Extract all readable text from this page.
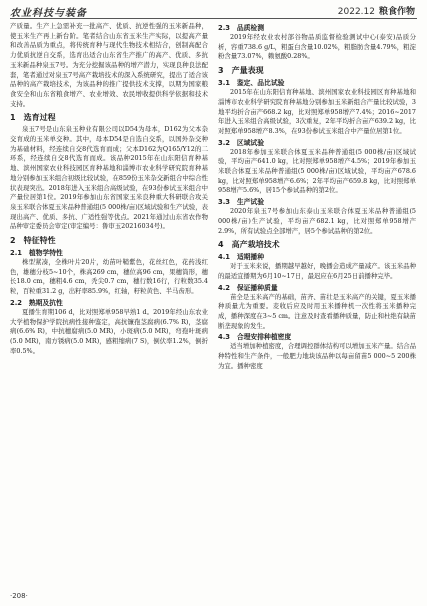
农业科技与装备	2022.12 粮食作物

产质量。生产上急需补充一批高产、优质、抗逆性强的玉米新品种，使玉米生产再上新台阶。笔者结合山东省玉米生产实际，以提高产量和改善品质为重点，将传统育种与现代生物技术相结合，创制高配合力优质抗逆自交系，选育出适合山东省生产推广的高产、优质、多抗玉米新品种泉玉7号。为充分挖掘该品种的增产潜力，实现良种良法配套，笔者通过对泉玉7号高产栽培技术的深入系统研究，提出了适合该品种的高产栽培技术，为该品种的推广提供技术支撑，以期为国家粮食安全和山东省粮食增产、农业增效、农民增收提供科学依据和技术支持。

1　选育过程

泉玉7号是山东泉玉种业有限公司以D54为母本，D162为父本杂交育成的玉米单交种。其中，母本D54是自选自交系，以国外杂交种为基础材料，经连续自交8代选育而成；父本D162为Q165/Y12的二环系，经连续自交8代选育而成。该品种2015年在山东阳信育种基地、滨州国家农业科技园区育种基地和淄博市农业科学研究院育种基地分别参加玉米组合初级比较试验，在859份玉米杂交新组合中综合性状表现突出。2018年进入玉米组合高级试验，在93份参试玉米组合中产量位居第1位。2019年参加山东省国家玉米良种重大科研联合攻关泉玉米联合体夏玉米品种普通组(5 000株/亩)区域试验和生产试验，表现出高产、优质、多抗、广适性强等优点。2021年通过山东省农作物品种审定委员会审定(审定编号：鲁审玉20216034号)。

2　特征特性
2.1　植物学特性

株型紧凑，全株叶片20片，幼苗叶鞘紫色，花丝红色，花药浅红色，雄穗分枝5~10个，株高269 cm，穗位高96 cm，果穗筒形，穗长18.0 cm，穗粗4.6 cm，秃尖0.7 cm，穗行数16行，行粒数35.4粒，百粒重31.2 g，出籽率85.9%，红轴，籽粒黄色、半马齿形。

2.2　熟期及抗性

夏播生育期106 d，比对照郑单958早熟1 d。2019年经山东农业大学植物保护学院抗病性接种鉴定，高抗镰孢茎腐病(6.7% R)，茎腐病(6.6% R)，中抗穗腐病(5.0 MR)，小斑病(5.0 MR)，弯孢叶斑病(5.0 MR)，南方锈病(5.0 MR)，感粗缩病(7 S)，倒伏率1.2%，倒折率0.5%。

2.3　品质检测

2019年经农业农村部谷物品质监督检验测试中心(泰安)品质分析，容重738.6 g/L，粗蛋白含量10.02%，粗脂肪含量4.79%，粗淀粉含量73.07%，赖氨酸0.28%。

3　产量表现
3.1　鉴定、品比试验

2015年在山东阳信育种基地、滨州国家农业科技园区育种基地和淄博市农业科学研究院育种基地分别参加玉米新组合产量比较试验，3地平均折合亩产668.2 kg，比对照郑单958增产7.4%；2016~2017年进入玉米组合高级试验，3次重复，2年平均折合亩产639.2 kg，比对照郑单958增产8.3%，在93份参试玉米组合中产量位居第1位。

3.2　区域试验

2018年参加玉米联合体夏玉米品种普通组(5 000株/亩)区域试验，平均亩产641.0 kg，比对照郑单958增产4.5%；2019年参加玉米联合体夏玉米品种普通组(5 000株/亩)区域试验，平均亩产678.6 kg，比对照郑单958增产6.6%；2年平均亩产659.8 kg，比对照郑单958增产5.6%，居15个参试品种的第2位。

3.3　生产试验

2020年泉玉7号参加山东泰山玉米联合体夏玉米品种普通组(5 000株/亩)生产试验，平均亩产682.1 kg，比对照郑单958增产2.9%，所有试验点全部增产，居5个参试品种的第2位。

4　高产栽培技术
4.1　适期播种

对于玉米来说，播期越早越好，晚播会造成产量减产。该玉米品种的最适宜播期为6月10~17日，最迟应在6月25日前播种完毕。

4.2　保证播种质量

苗全是玉米高产的基础，苗齐、苗壮是玉米高产的关键，夏玉米播种质量尤为重要。麦收后应及时用玉米播种机一次性将玉米播种完成，播种深度在3~5 cm。注意及时查看播种质量，防止和杜绝有缺苗断垄现象的发生。

4.3　合理安排种植密度

适当增加种植密度，合理调控群体结构可以增加玉米产量。结合品种特性和生产条件，一般肥力地块该品种以每亩留苗5 000~5 200株为宜。播种密度

·208·
